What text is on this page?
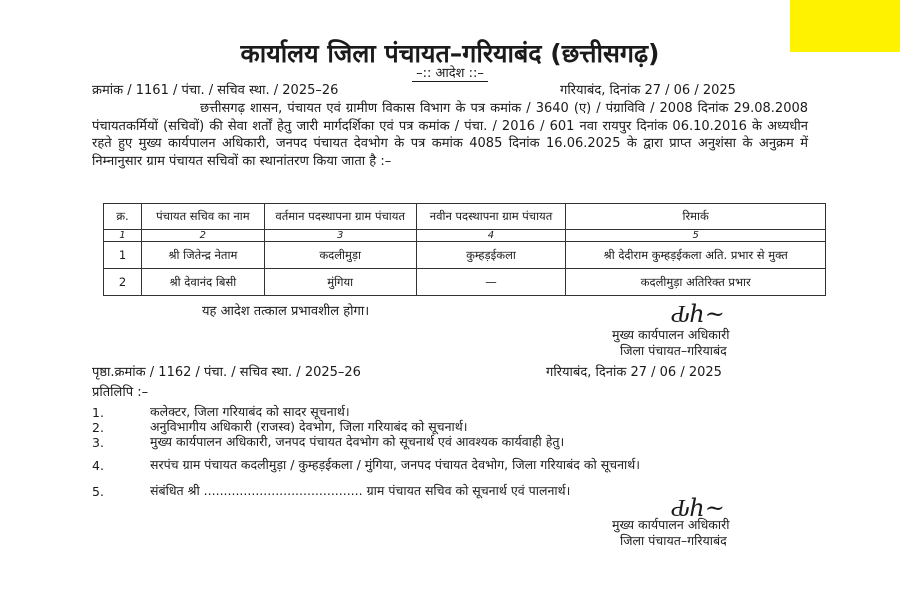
कार्यालय जिला पंचायत–गरियाबंद (छत्तीसगढ़)
–:: आदेश ::–
क्रमांक / 1161 / पंचा. / सचिव स्था. / 2025–26	गरियाबंद, दिनांक 27 / 06 / 2025
छत्तीसगढ़ शासन, पंचायत एवं ग्रामीण विकास विभाग के पत्र कमांक / 3640 (ए) / पंग्राविवि / 2008 दिनांक 29.08.2008 पंचायतकर्मियों (सचिवों) की सेवा शर्तों हेतु जारी मार्गदर्शिका एवं पत्र कमांक / पंचा. / 2016 / 601 नवा रायपुर दिनांक 06.10.2016 के अध्यधीन रहते हुए मुख्य कार्यपालन अधिकारी, जनपद पंचायत देवभोग के पत्र कमांक 4085 दिनांक 16.06.2025 के द्वारा प्राप्त अनुशंसा के अनुक्रम में निम्नानुसार ग्राम पंचायत सचिवों का स्थानांतरण किया जाता है :–
क्र.	पंचायत सचिव का नाम	वर्तमान पदस्थापना ग्राम पंचायत	नवीन पदस्थापना ग्राम पंचायत	रिमार्क
1	2	3	4	5
1	श्री जितेन्द्र नेताम	कदलीमुड़ा	कुम्हड़ईकला	श्री देदीराम कुम्हड़ईकला अति. प्रभार से मुक्त
2	श्री देवानंद बिसी	मुंगिया	—	कदलीमुड़ा अतिरिक्त प्रभार
यह आदेश तत्काल प्रभावशील होगा।	Ԃh~
मुख्य कार्यपालन अधिकारी
जिला पंचायत–गरियाबंद
पृष्ठा.क्रमांक / 1162 / पंचा. / सचिव स्था. / 2025–26	गरियाबंद, दिनांक 27 / 06 / 2025
प्रतिलिपि :–
1.	कलेक्टर, जिला गरियाबंद को सादर सूचनार्थ।
2.	अनुविभागीय अधिकारी (राजस्व) देवभोग, जिला गरियाबंद को सूचनार्थ।
3.	मुख्य कार्यपालन अधिकारी, जनपद पंचायत देवभोग को सूचनार्थ एवं आवश्यक कार्यवाही हेतु।
4.	सरपंच ग्राम पंचायत कदलीमुड़ा / कुम्हड़ईकला / मुंगिया, जनपद पंचायत देवभोग, जिला गरियाबंद को सूचनार्थ।
5.	संबंधित श्री ........................................ ग्राम पंचायत सचिव को सूचनार्थ एवं पालनार्थ।
Ԃh~
मुख्य कार्यपालन अधिकारी
जिला पंचायत–गरियाबंद
